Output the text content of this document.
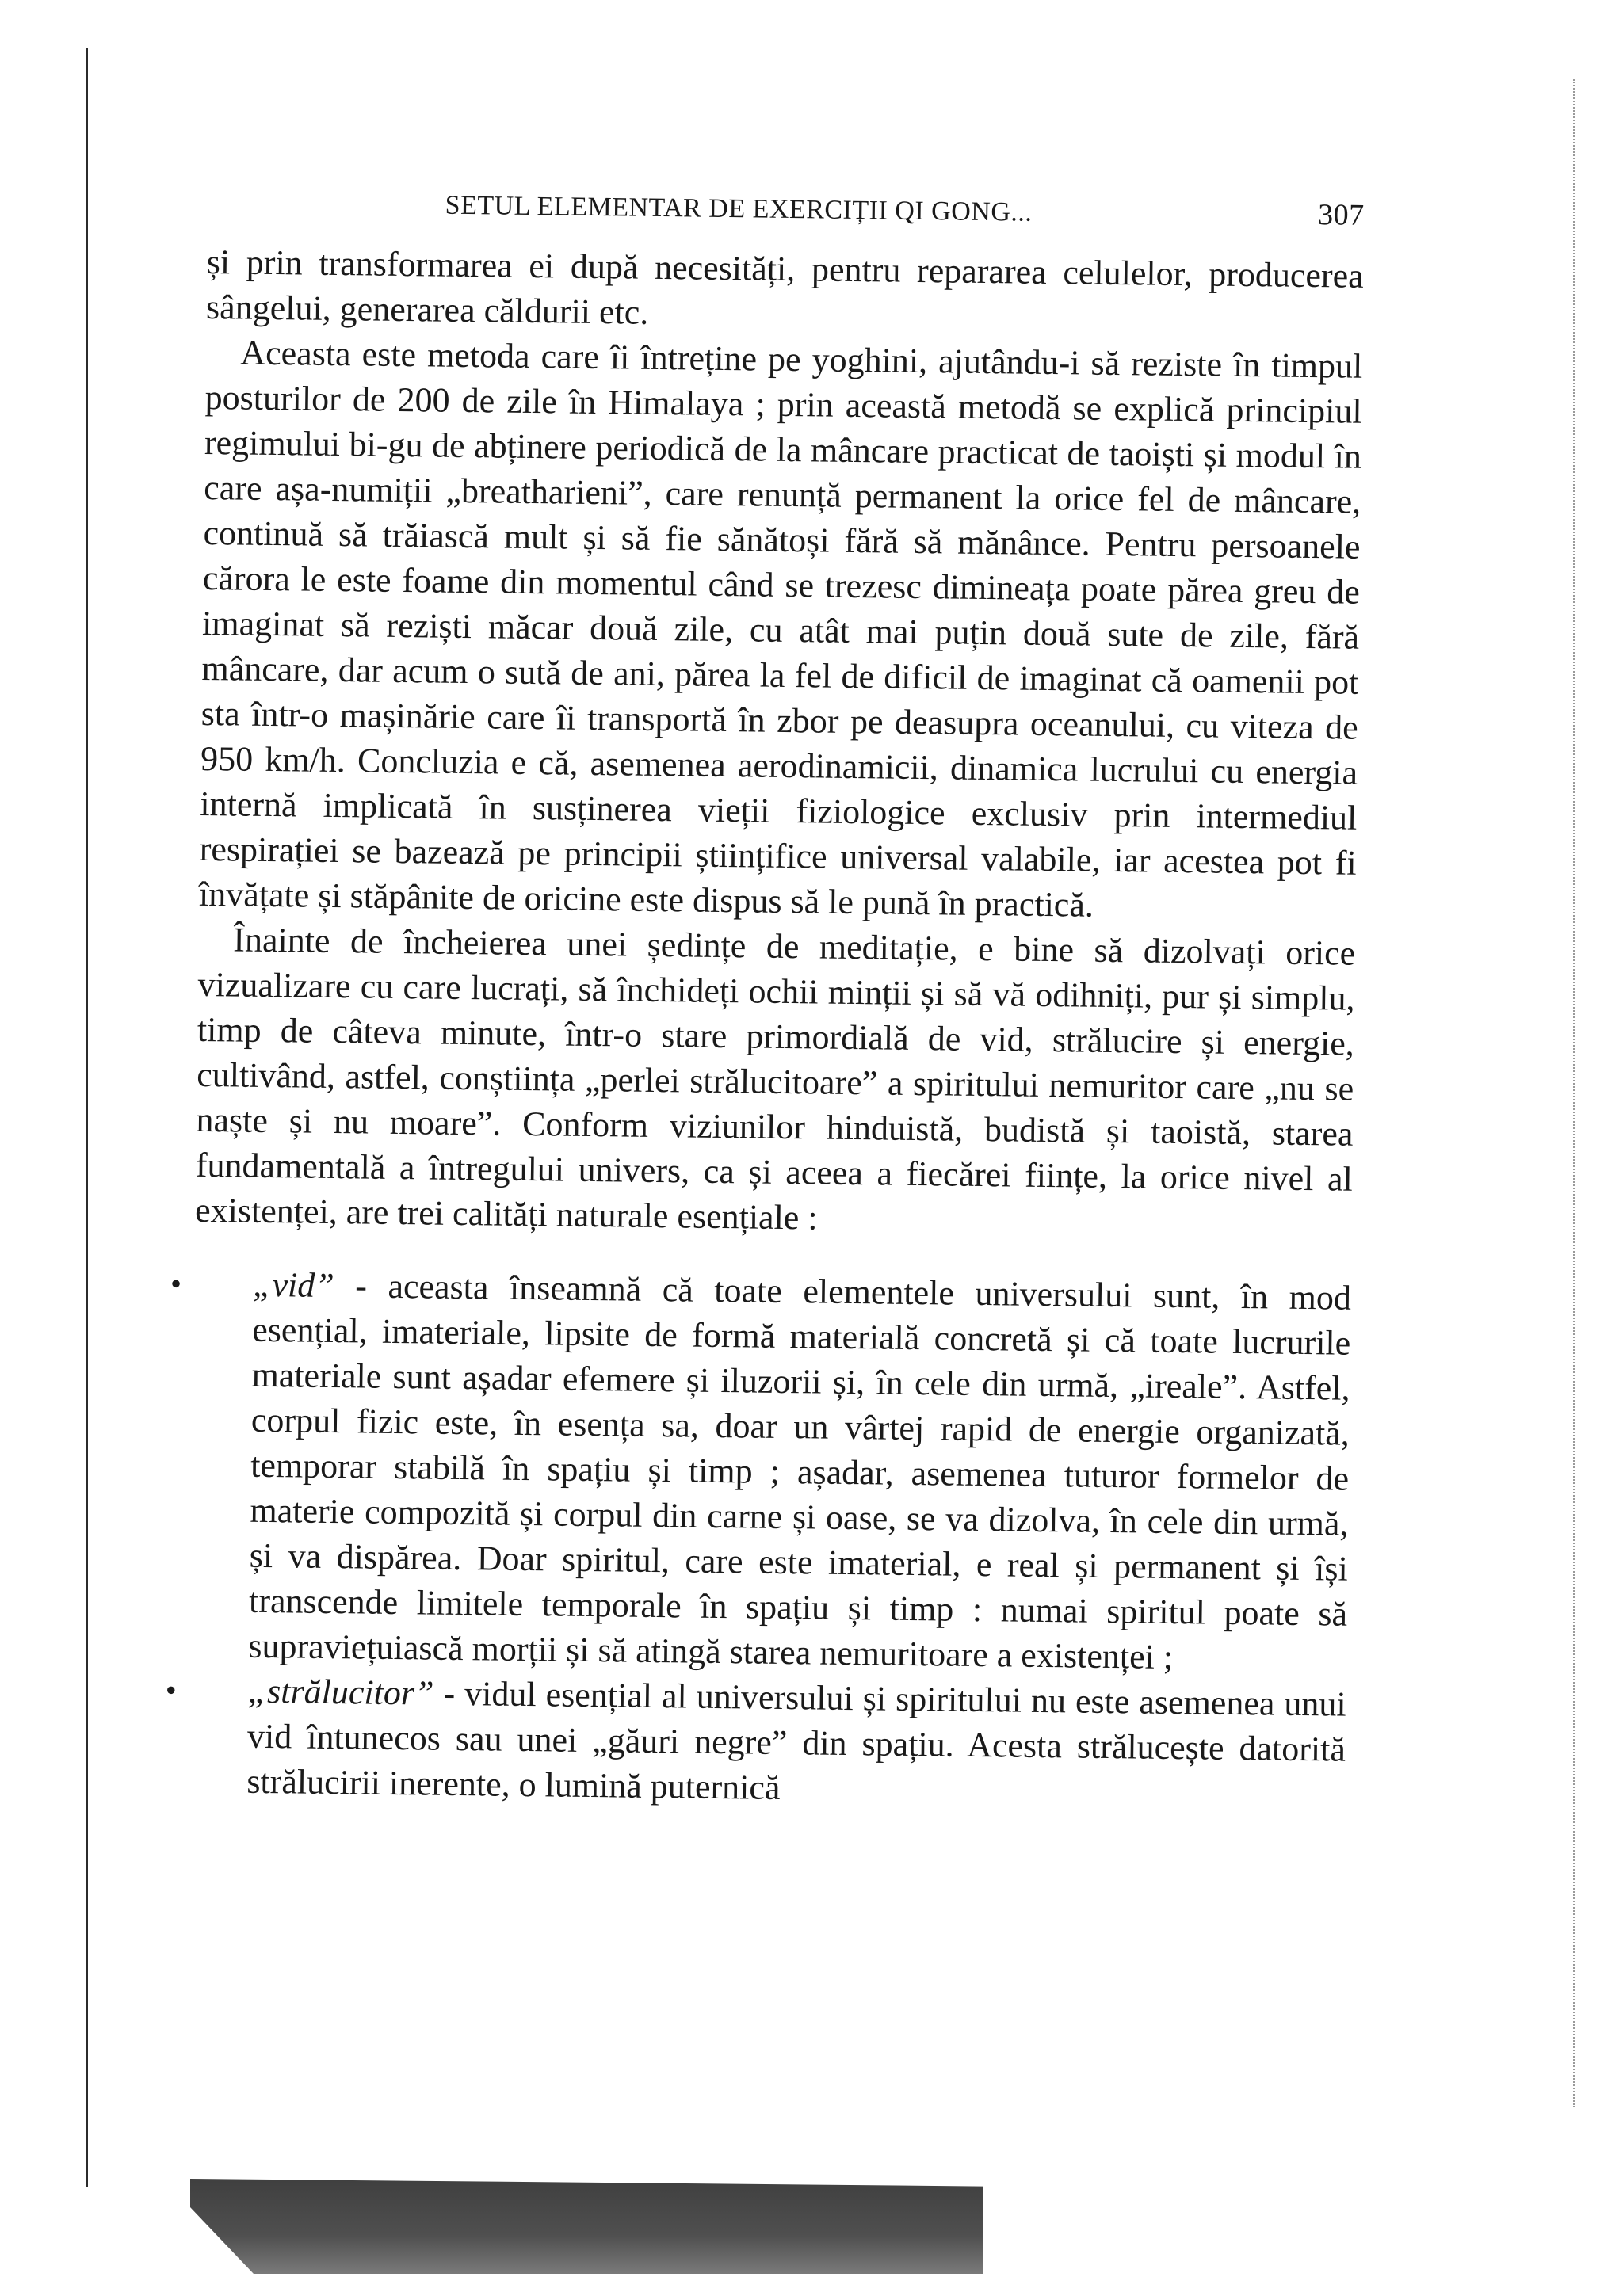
SETUL ELEMENTAR DE EXERCIȚII QI GONG...	307

și prin transformarea ei după necesități, pentru repararea celulelor, producerea sângelui, generarea căldurii etc.

Aceasta este metoda care îi întreține pe yoghini, ajutându-i să reziste în timpul posturilor de 200 de zile în Himalaya ; prin această metodă se explică principiul regimului bi-gu de abținere periodică de la mâncare practicat de taoiști și modul în care așa-numiții „breatharieni”, care renunță permanent la orice fel de mâncare, continuă să trăiască mult și să fie sănătoși fără să mănânce. Pentru persoanele cărora le este foame din momentul când se trezesc dimineața poate părea greu de imaginat să reziști măcar două zile, cu atât mai puțin două sute de zile, fără mâncare, dar acum o sută de ani, părea la fel de dificil de imaginat că oamenii pot sta într-o mașinărie care îi transportă în zbor pe deasupra oceanului, cu viteza de 950 km/h. Concluzia e că, asemenea aerodinamicii, dinamica lucrului cu energia internă implicată în susținerea vieții fiziologice exclusiv prin intermediul respirației se bazează pe principii științifice universal valabile, iar acestea pot fi învățate și stăpânite de oricine este dispus să le pună în practică.

Înainte de încheierea unei ședințe de meditație, e bine să dizolvați orice vizualizare cu care lucrați, să închideți ochii minții și să vă odihniți, pur și simplu, timp de câteva minute, într-o stare primordială de vid, strălucire și energie, cultivând, astfel, conștiința „perlei strălucitoare” a spiritului nemuritor care „nu se naște și nu moare”. Conform viziunilor hinduistă, budistă și taoistă, starea fundamentală a întregului univers, ca și aceea a fiecărei ființe, la orice nivel al existenței, are trei calități naturale esențiale :

• „vid” - aceasta înseamnă că toate elementele universului sunt, în mod esențial, imateriale, lipsite de formă materială concretă și că toate lucrurile materiale sunt așadar efemere și iluzorii și, în cele din urmă, „ireale”. Astfel, corpul fizic este, în esența sa, doar un vârtej rapid de energie organizată, temporar stabilă în spațiu și timp ; așadar, asemenea tuturor formelor de materie compozită și corpul din carne și oase, se va dizolva, în cele din urmă, și va dispărea. Doar spiritul, care este imaterial, e real și permanent și își transcende limitele temporale în spațiu și timp : numai spiritul poate să supraviețuiască morții și să atingă starea nemuritoare a existenței ;
• „strălucitor” - vidul esențial al universului și spiritului nu este asemenea unui vid întunecos sau unei „găuri negre” din spațiu. Acesta strălucește datorită strălucirii inerente, o lumină puternică
